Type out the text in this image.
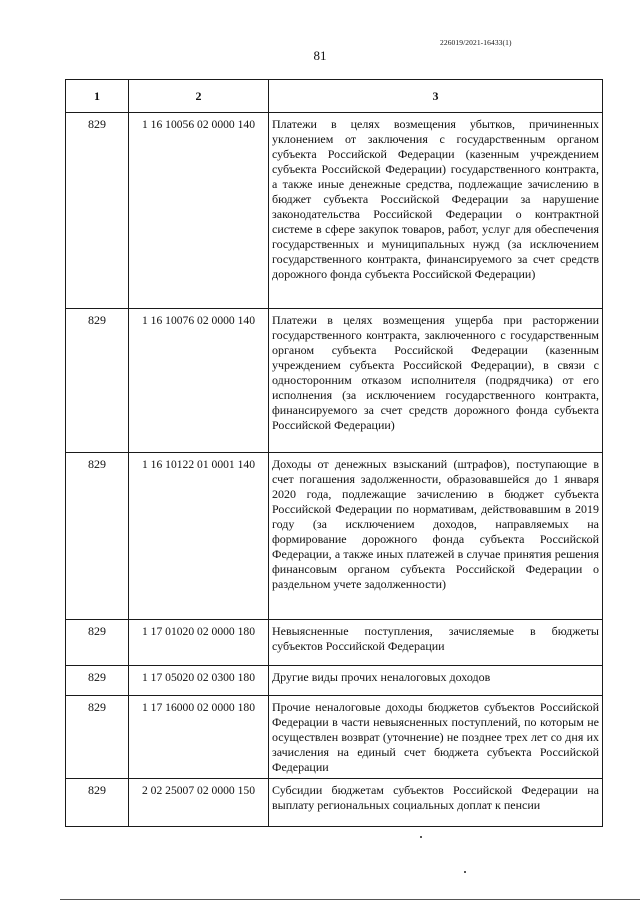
226019/2021-16433(1)
81
1	2	3
829	1 16 10056 02 0000 140	Платежи в целях возмещения убытков, причиненных уклонением от заключения с государственным органом субъекта Российской Федерации (казенным учреждением субъекта Российской Федерации) государственного контракта, а также иные денежные средства, подлежащие зачислению в бюджет субъекта Российской Федерации за нарушение законодательства Российской Федерации о контрактной системе в сфере закупок товаров, работ, услуг для обеспечения государственных и муниципальных нужд (за исключением государственного контракта, финансируемого за счет средств дорожного фонда субъекта Российской Федерации)
829	1 16 10076 02 0000 140	Платежи в целях возмещения ущерба при расторжении государственного контракта, заключенного с государственным органом субъекта Российской Федерации (казенным учреждением субъекта Российской Федерации), в связи с односторонним отказом исполнителя (подрядчика) от его исполнения (за исключением государственного контракта, финансируемого за счет средств дорожного фонда субъекта Российской Федерации)
829	1 16 10122 01 0001 140	Доходы от денежных взысканий (штрафов), поступающие в счет погашения задолженности, образовавшейся до 1 января 2020 года, подлежащие зачислению в бюджет субъекта Российской Федерации по нормативам, действовавшим в 2019 году (за исключением доходов, направляемых на формирование дорожного фонда субъекта Российской Федерации, а также иных платежей в случае принятия решения финансовым органом субъекта Российской Федерации о раздельном учете задолженности)
829	1 17 01020 02 0000 180	Невыясненные поступления, зачисляемые в бюджеты субъектов Российской Федерации
829	1 17 05020 02 0300 180	Другие виды прочих неналоговых доходов
829	1 17 16000 02 0000 180	Прочие неналоговые доходы бюджетов субъектов Российской Федерации в части невыясненных поступлений, по которым не осуществлен возврат (уточнение) не позднее трех лет со дня их зачисления на единый счет бюджета субъекта Российской Федерации
829	2 02 25007 02 0000 150	Субсидии бюджетам субъектов Российской Федерации на выплату региональных социальных доплат к пенсии
